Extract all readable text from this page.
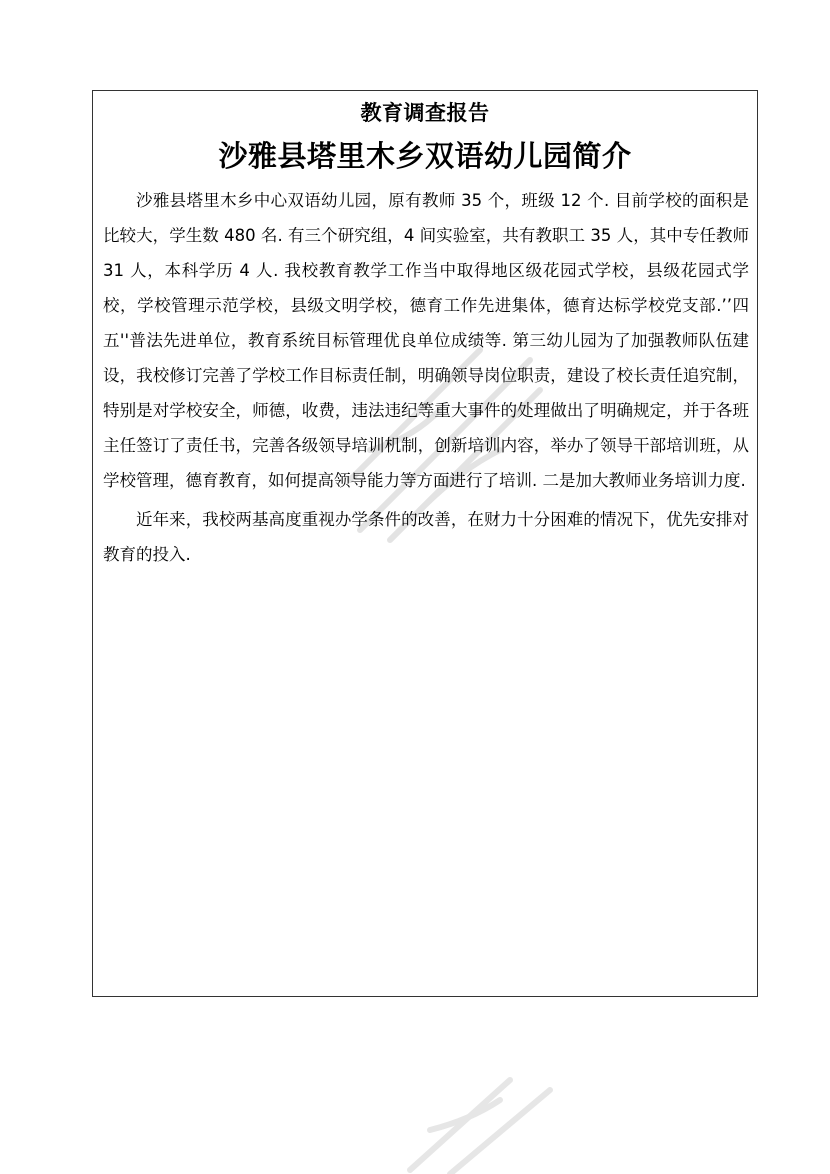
教育调查报告
沙雅县塔里木乡双语幼儿园简介

沙雅县塔里木乡中心双语幼儿园，原有教师 35 个，班级 12 个. 目前学校的面积是比较大，学生数 480 名. 有三个研究组，4 间实验室，共有教职工 35 人，其中专任教师 31 人，本科学历 4 人. 我校教育教学工作当中取得地区级花园式学校，县级花园式学校，学校管理示范学校，县级文明学校，德育工作先进集体，德育达标学校党支部.’’四五''普法先进单位，教育系统目标管理优良单位成绩等. 第三幼儿园为了加强教师队伍建设，我校修订完善了学校工作目标责任制，明确领导岗位职责，建设了校长责任追究制，特别是对学校安全，师德，收费，违法违纪等重大事件的处理做出了明确规定，并于各班主任签订了责任书，完善各级领导培训机制，创新培训内容，举办了领导干部培训班，从学校管理，德育教育，如何提高领导能力等方面进行了培训. 二是加大教师业务培训力度.

近年来，我校两基高度重视办学条件的改善，在财力十分困难的情况下，优先安排对教育的投入.
